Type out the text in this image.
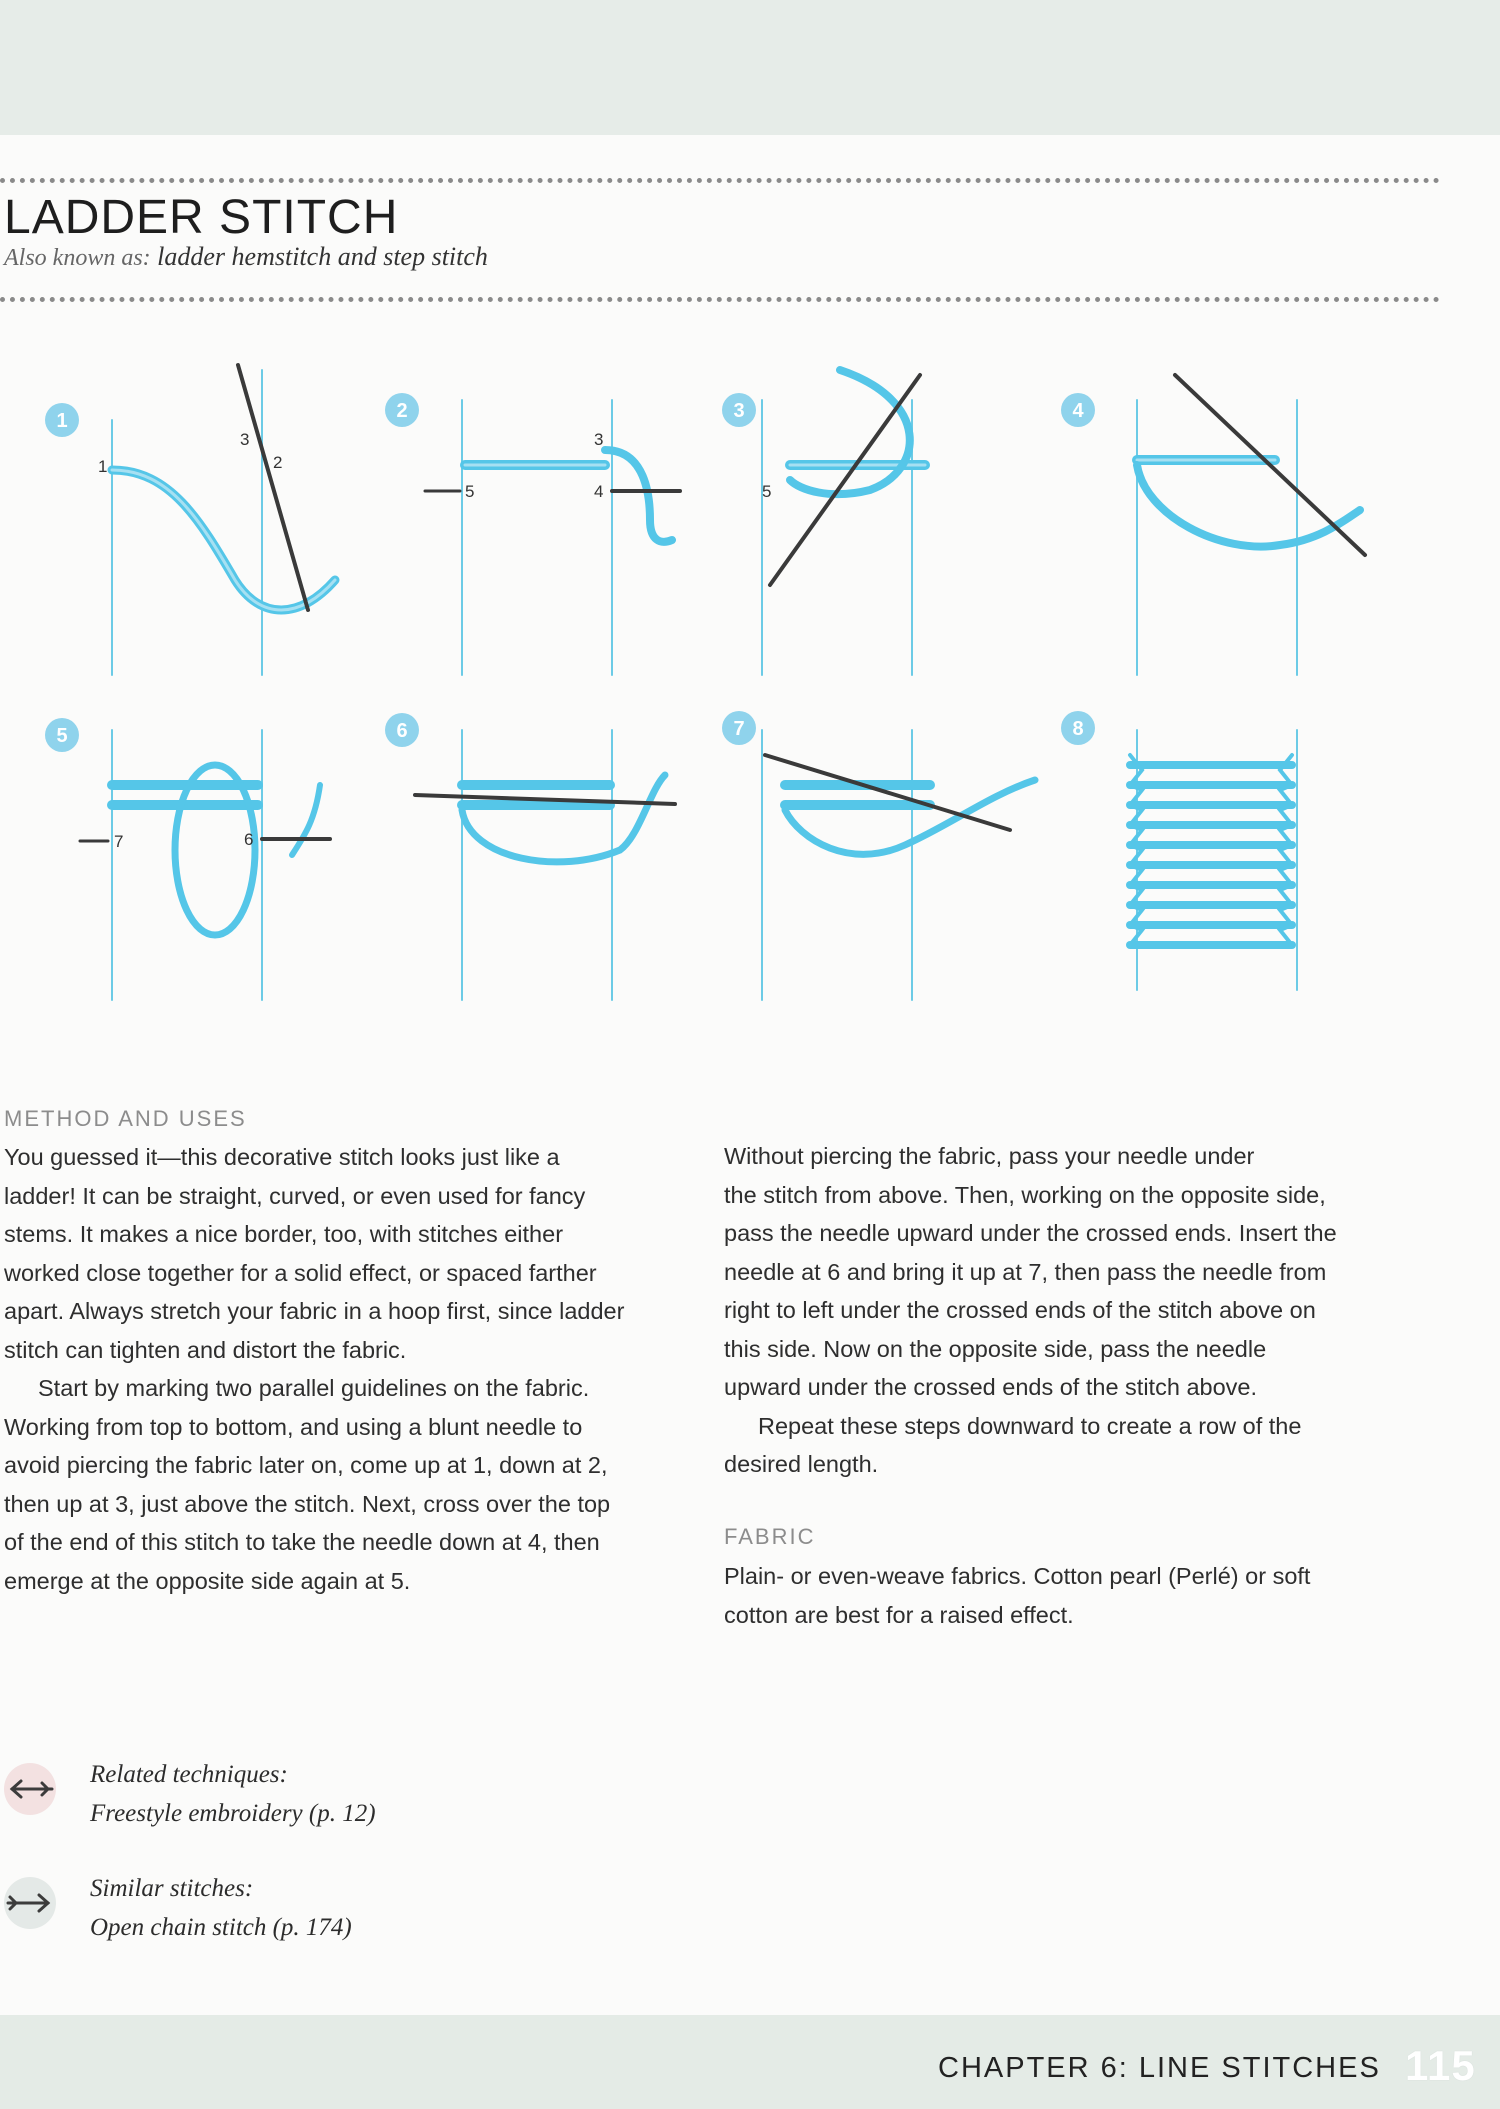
LADDER STITCH

Also known as: ladder hemstitch and step stitch

1	2	3	4
5	6	7	8
1	2
3	3
4
5	5
6
7
METHOD AND USES

You guessed it—this decorative stitch looks just like a
ladder! It can be straight, curved, or even used for fancy
stems. It makes a nice border, too, with stitches either
worked close together for a solid effect, or spaced farther
apart. Always stretch your fabric in a hoop first, since ladder
stitch can tighten and distort the fabric.

Start by marking two parallel guidelines on the fabric.
Working from top to bottom, and using a blunt needle to
avoid piercing the fabric later on, come up at 1, down at 2,
then up at 3, just above the stitch. Next, cross over the top
of the end of this stitch to take the needle down at 4, then
emerge at the opposite side again at 5.

Without piercing the fabric, pass your needle under
the stitch from above. Then, working on the opposite side,
pass the needle upward under the crossed ends. Insert the
needle at 6 and bring it up at 7, then pass the needle from
right to left under the crossed ends of the stitch above on
this side. Now on the opposite side, pass the needle
upward under the crossed ends of the stitch above.

Repeat these steps downward to create a row of the
desired length.

FABRIC

Plain- or even-weave fabrics. Cotton pearl (Perlé) or soft
cotton are best for a raised effect.

Related techniques:
Freestyle embroidery (p. 12)
Similar stitches:
Open chain stitch (p. 174)

CHAPTER 6: LINE STITCHES 115
